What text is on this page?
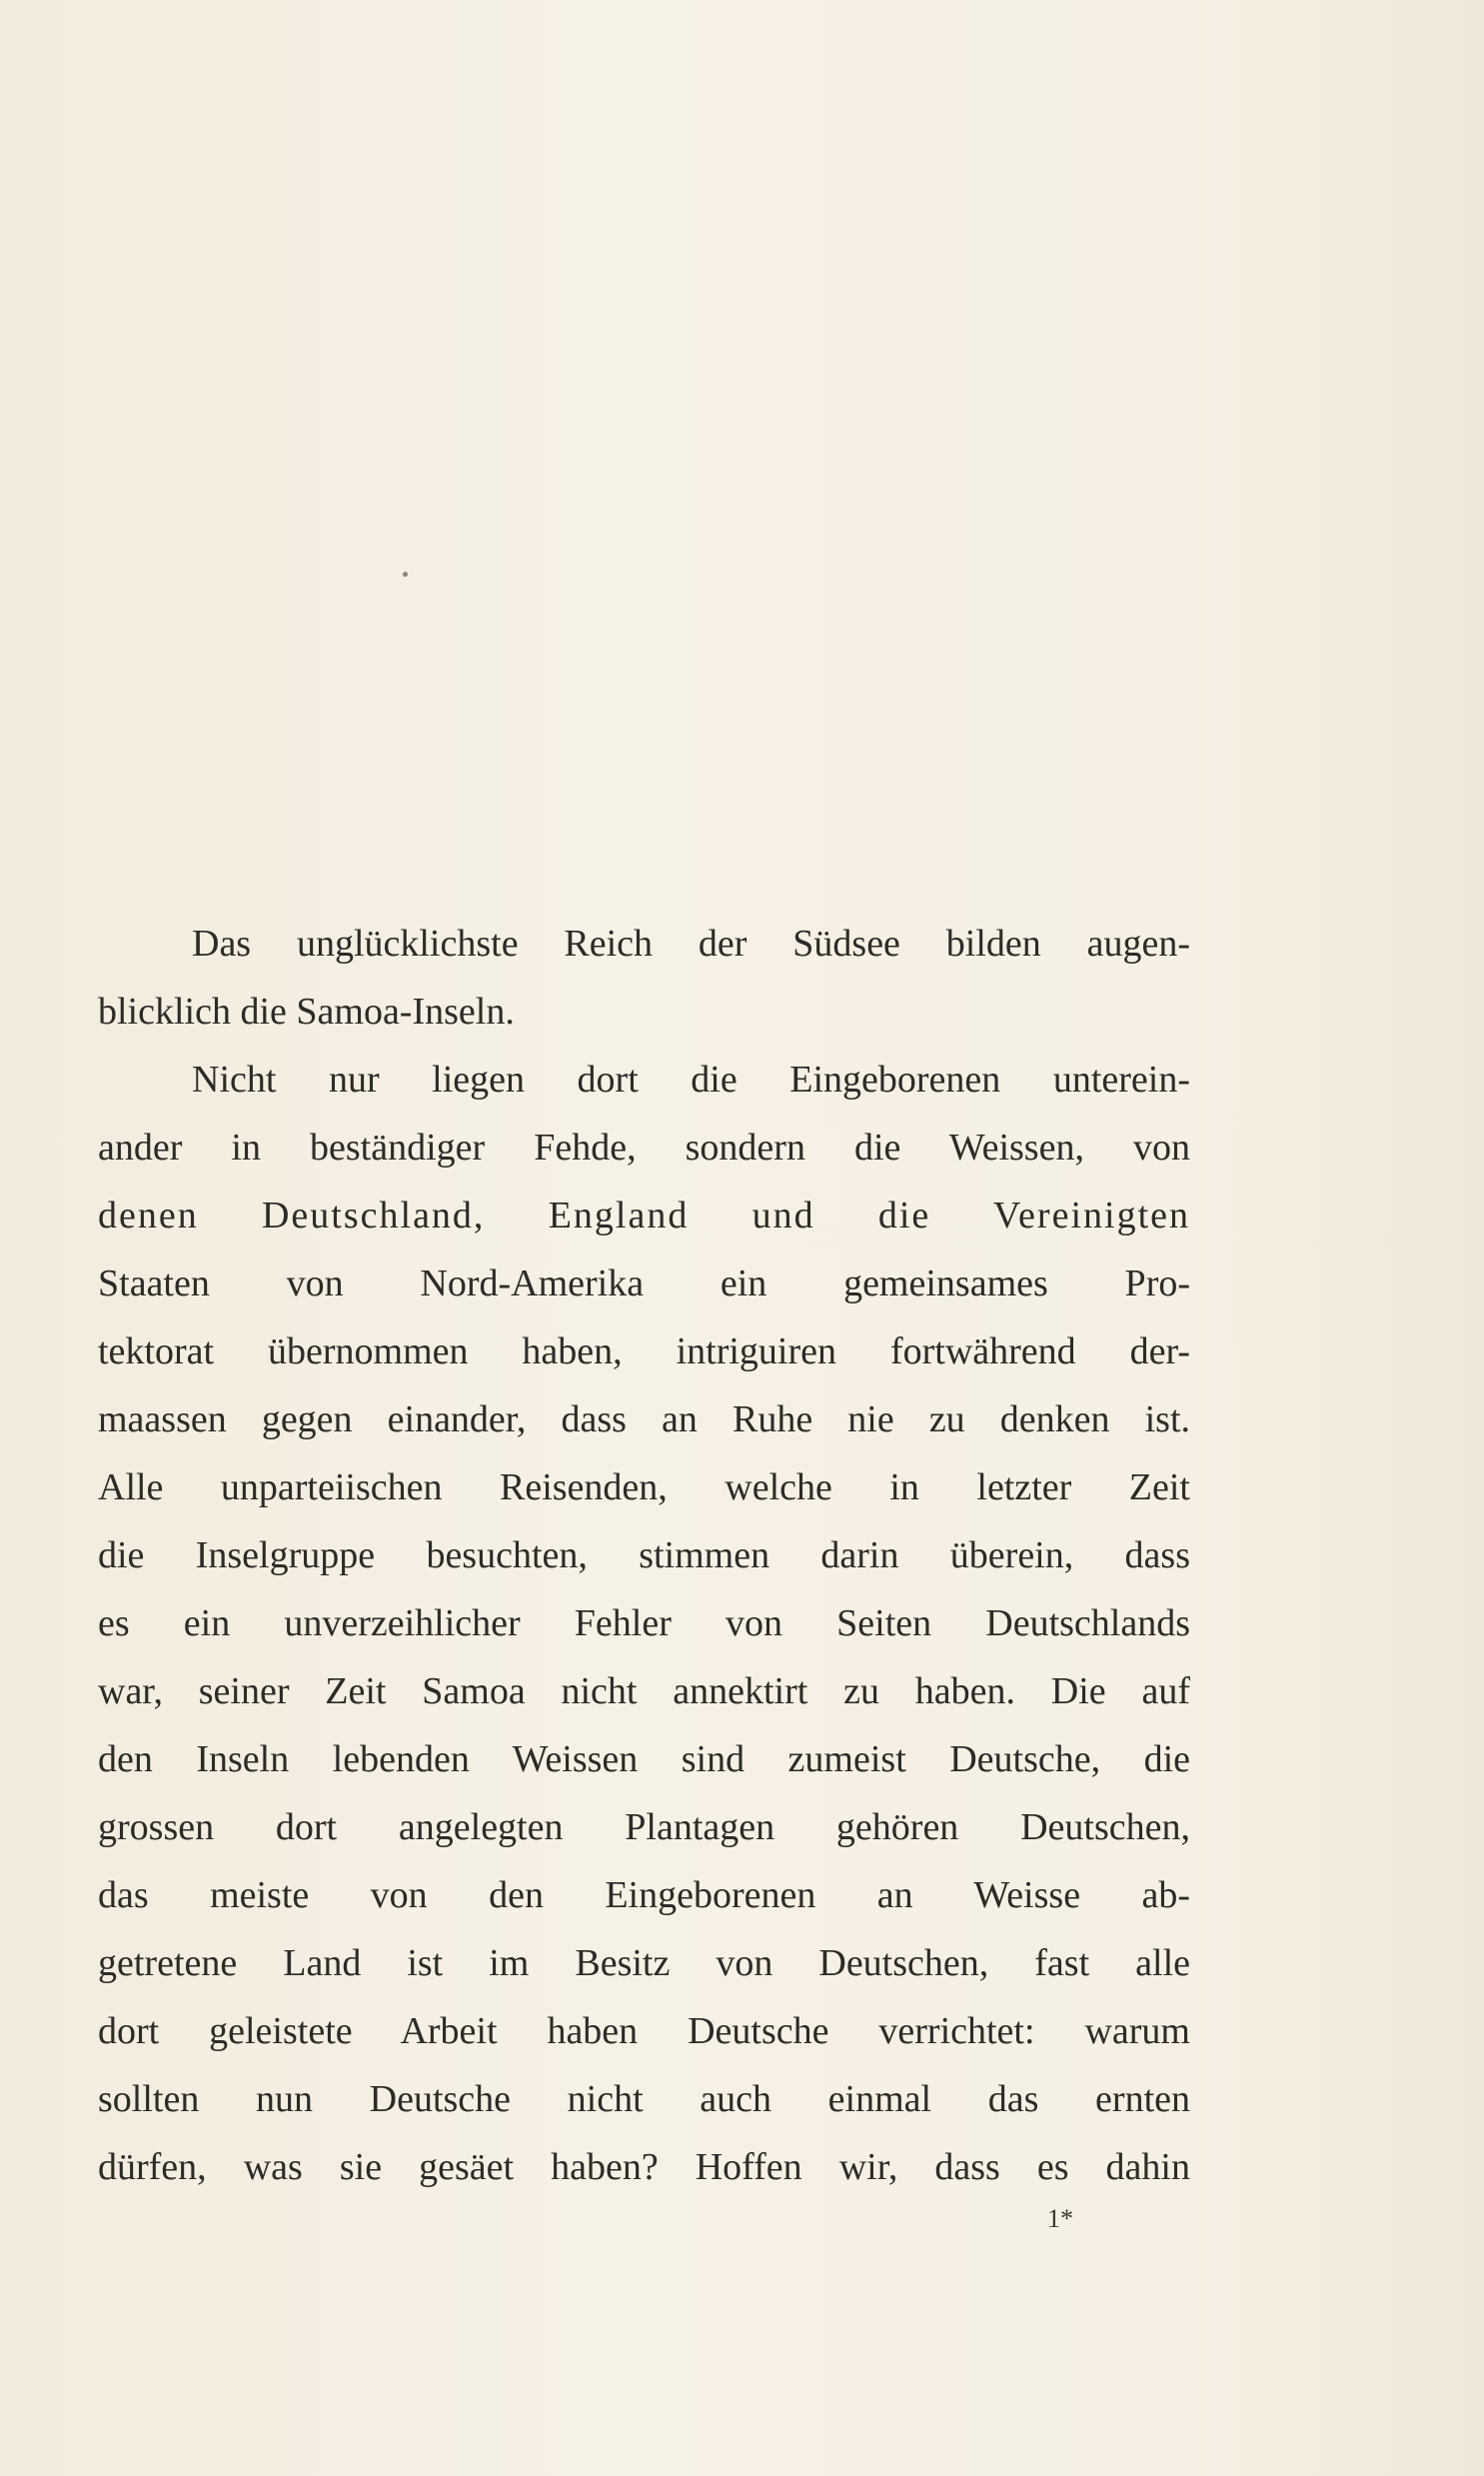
Das unglücklichste Reich der Südsee bilden augen-
blicklich die Samoa-Inseln.
Nicht nur liegen dort die Eingeborenen unterein-
ander in beständiger Fehde, sondern die Weissen, von
denen Deutschland, England und die Vereinigten
Staaten von Nord-Amerika ein gemeinsames Pro-
tektorat übernommen haben, intriguiren fortwährend der-
maassen gegen einander, dass an Ruhe nie zu denken ist.
Alle unparteiischen Reisenden, welche in letzter Zeit
die Inselgruppe besuchten, stimmen darin überein, dass
es ein unverzeihlicher Fehler von Seiten Deutschlands
war, seiner Zeit Samoa nicht annektirt zu haben. Die auf
den Inseln lebenden Weissen sind zumeist Deutsche, die
grossen dort angelegten Plantagen gehören Deutschen,
das meiste von den Eingeborenen an Weisse ab-
getretene Land ist im Besitz von Deutschen, fast alle
dort geleistete Arbeit haben Deutsche verrichtet: warum
sollten nun Deutsche nicht auch einmal das ernten
dürfen, was sie gesäet haben? Hoffen wir, dass es dahin
1*
